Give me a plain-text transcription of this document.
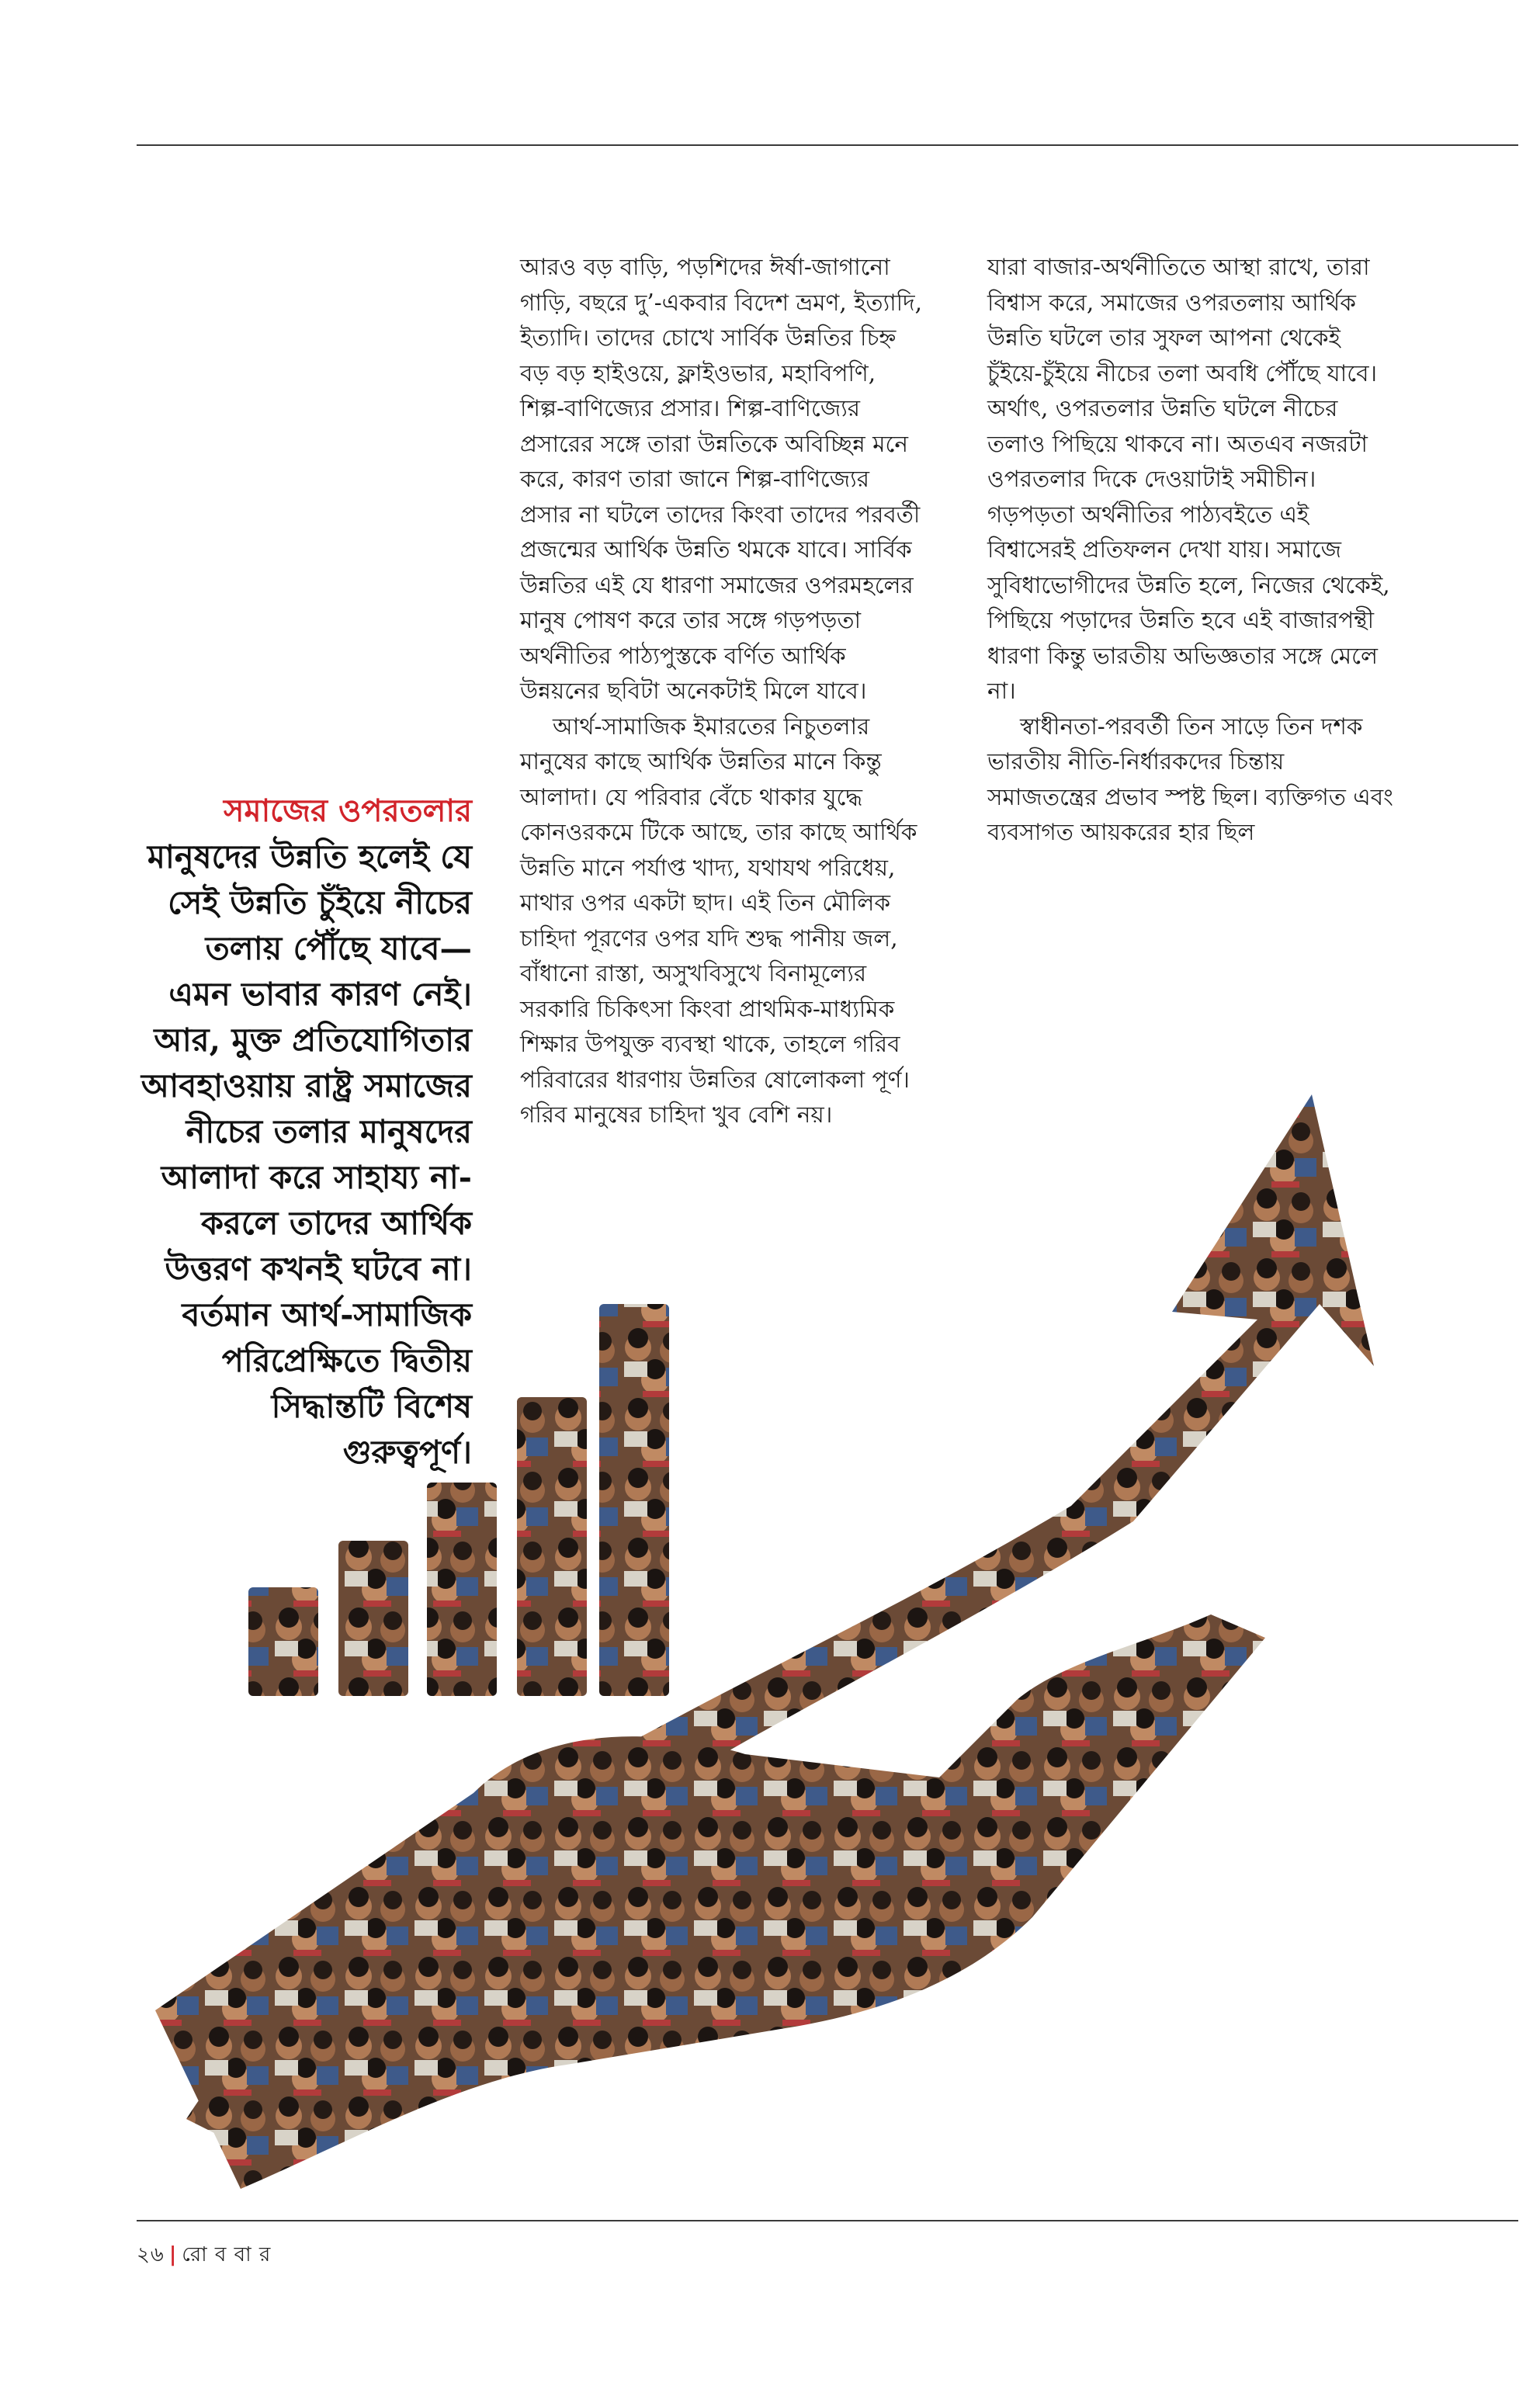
আরও বড় বাড়ি, পড়শিদের ঈর্ষা-জাগানো গাড়ি, বছরে দু’-একবার বিদেশ ভ্রমণ, ইত্যাদি, ইত্যাদি। তাদের চোখে সার্বিক উন্নতির চিহ্ন বড় বড় হাইওয়ে, ফ্লাইওভার, মহাবিপণি, শিল্প-বাণিজ্যের প্রসার। শিল্প-বাণিজ্যের প্রসারের সঙ্গে তারা উন্নতিকে অবিচ্ছিন্ন মনে করে, কারণ তারা জানে শিল্প-বাণিজ্যের প্রসার না ঘটলে তাদের কিংবা তাদের পরবর্তী প্রজন্মের আর্থিক উন্নতি থমকে যাবে। সার্বিক উন্নতির এই যে ধারণা সমাজের ওপরমহলের মানুষ পোষণ করে তার সঙ্গে গড়পড়তা অর্থনীতির পাঠ্যপুস্তকে বর্ণিত আর্থিক উন্নয়নের ছবিটা অনেকটাই মিলে যাবে।

আর্থ-সামাজিক ইমারতের নিচুতলার মানুষের কাছে আর্থিক উন্নতির মানে কিন্তু আলাদা। যে পরিবার বেঁচে থাকার যুদ্ধে কোনওরকমে টিকে আছে, তার কাছে আর্থিক উন্নতি মানে পর্যাপ্ত খাদ্য, যথাযথ পরিধেয়, মাথার ওপর একটা ছাদ। এই তিন মৌলিক চাহিদা পূরণের ওপর যদি শুদ্ধ পানীয় জল, বাঁধানো রাস্তা, অসুখবিসুখে বিনামূল্যের সরকারি চিকিৎসা কিংবা প্রাথমিক-মাধ্যমিক শিক্ষার উপযুক্ত ব্যবস্থা থাকে, তাহলে গরিব পরিবারের ধারণায় উন্নতির ষোলোকলা পূর্ণ। গরিব মানুষের চাহিদা খুব বেশি নয়।

যারা বাজার-অর্থনীতিতে আস্থা রাখে, তারা বিশ্বাস করে, সমাজের ওপরতলায় আর্থিক উন্নতি ঘটলে তার সুফল আপনা থেকেই চুঁইয়ে-চুঁইয়ে নীচের তলা অবধি পৌঁছে যাবে। অর্থাৎ, ওপরতলার উন্নতি ঘটলে নীচের তলাও পিছিয়ে থাকবে না। অতএব নজরটা ওপরতলার দিকে দেওয়াটাই সমীচীন। গড়পড়তা অর্থনীতির পাঠ্যবইতে এই বিশ্বাসেরই প্রতিফলন দেখা যায়। সমাজে সুবিধাভোগীদের উন্নতি হলে, নিজের থেকেই, পিছিয়ে পড়াদের উন্নতি হবে এই বাজারপন্থী ধারণা কিন্তু ভারতীয় অভিজ্ঞতার সঙ্গে মেলে না।

স্বাধীনতা-পরবর্তী তিন সাড়ে তিন দশক ভারতীয় নীতি-নির্ধারকদের চিন্তায় সমাজতন্ত্রের প্রভাব স্পষ্ট ছিল। ব্যক্তিগত এবং ব্যবসাগত আয়করের হার ছিল

সমাজের ওপরতলার
মানুষদের উন্নতি হলেই যে সেই উন্নতি চুঁইয়ে নীচের তলায় পৌঁছে যাবে— এমন ভাবার কারণ নেই। আর, মুক্ত প্রতিযোগিতার আবহাওয়ায় রাষ্ট্র সমাজের নীচের তলার মানুষদের আলাদা করে সাহায্য না-করলে তাদের আর্থিক উত্তরণ কখনই ঘটবে না। বর্তমান আর্থ-সামাজিক পরিপ্রেক্ষিতে দ্বিতীয় সিদ্ধান্তটি বিশেষ গুরুত্বপূর্ণ।
২৬ | রো ব বা র
